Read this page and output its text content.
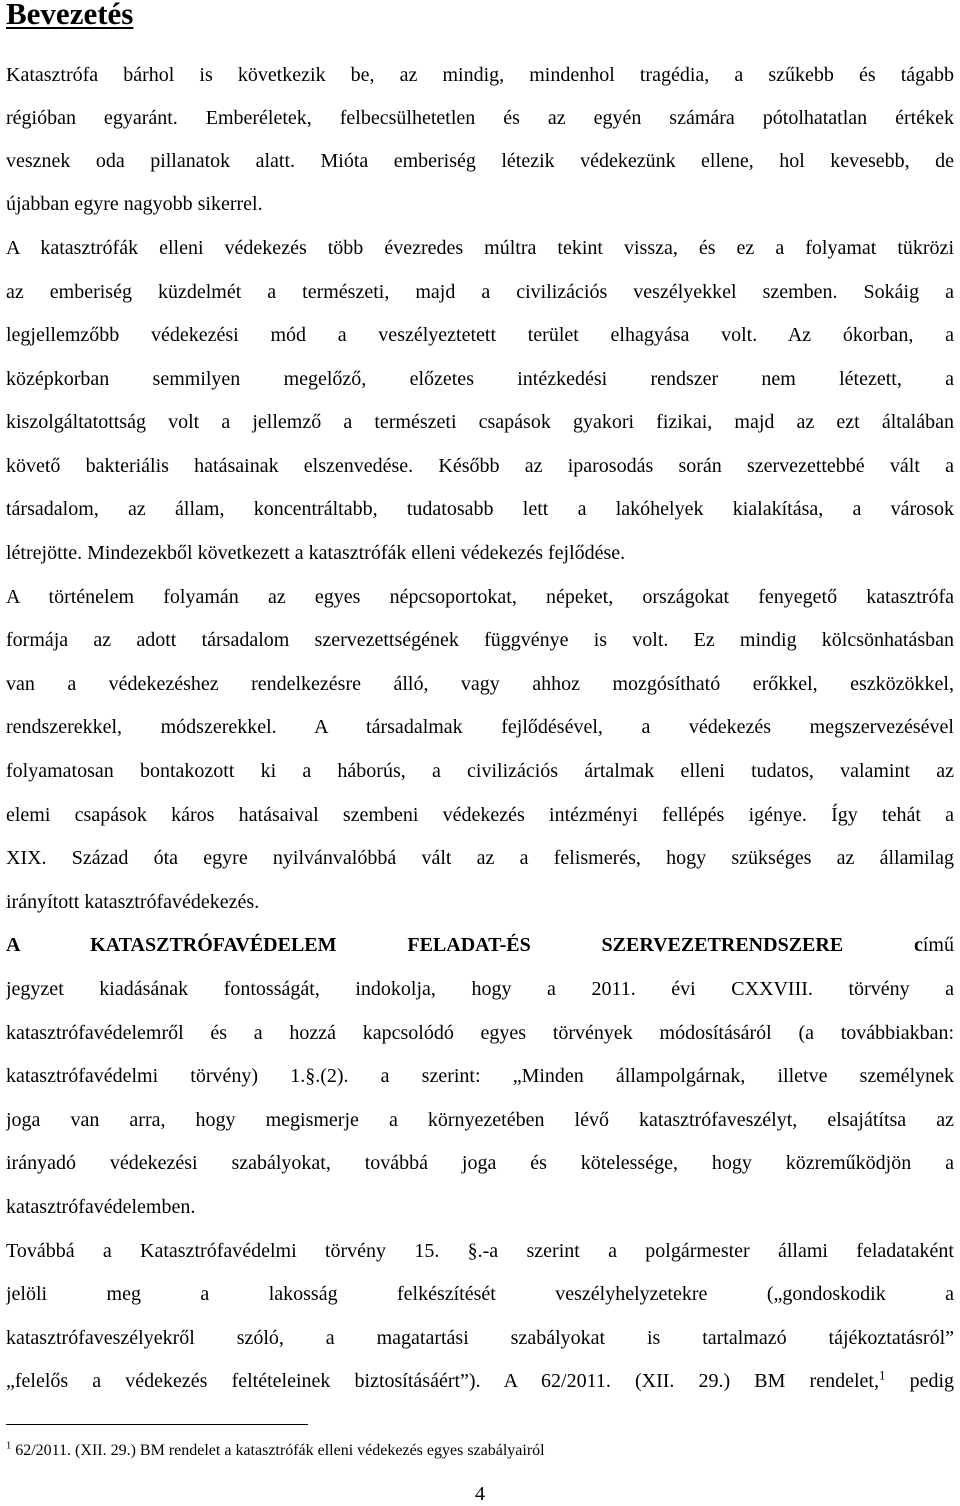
Bevezetés
Katasztrófa bárhol is következik be, az mindig, mindenhol tragédia, a szűkebb és tágabb
régióban egyaránt. Emberéletek, felbecsülhetetlen és az egyén számára pótolhatatlan értékek
vesznek oda pillanatok alatt. Mióta emberiség létezik védekezünk ellene, hol kevesebb, de
újabban egyre nagyobb sikerrel.
A katasztrófák elleni védekezés több évezredes múltra tekint vissza, és ez a folyamat tükrözi
az emberiség küzdelmét a természeti, majd a civilizációs veszélyekkel szemben. Sokáig a
legjellemzőbb védekezési mód a veszélyeztetett terület elhagyása volt. Az ókorban, a
középkorban semmilyen megelőző, előzetes intézkedési rendszer nem létezett, a
kiszolgáltatottság volt a jellemző a természeti csapások gyakori fizikai, majd az ezt általában
követő bakteriális hatásainak elszenvedése. Később az iparosodás során szervezettebbé vált a
társadalom, az állam, koncentráltabb, tudatosabb lett a lakóhelyek kialakítása, a városok
létrejötte. Mindezekből következett a katasztrófák elleni védekezés fejlődése.
A történelem folyamán az egyes népcsoportokat, népeket, országokat fenyegető katasztrófa
formája az adott társadalom szervezettségének függvénye is volt. Ez mindig kölcsönhatásban
van a védekezéshez rendelkezésre álló, vagy ahhoz mozgósítható erőkkel, eszközökkel,
rendszerekkel, módszerekkel. A társadalmak fejlődésével, a védekezés megszervezésével
folyamatosan bontakozott ki a háborús, a civilizációs ártalmak elleni tudatos, valamint az
elemi csapások káros hatásaival szembeni védekezés intézményi fellépés igénye. Így tehát a
XIX. Század óta egyre nyilvánvalóbbá vált az a felismerés, hogy szükséges az államilag
irányított katasztrófavédekezés.
A KATASZTRÓFAVÉDELEM FELADAT-ÉS SZERVEZETRENDSZERE című
jegyzet kiadásának fontosságát, indokolja, hogy a 2011. évi CXXVIII. törvény a
katasztrófavédelemről és a hozzá kapcsolódó egyes törvények módosításáról (a továbbiakban:
katasztrófavédelmi törvény) 1.§.(2). a szerint: „Minden állampolgárnak, illetve személynek
joga van arra, hogy megismerje a környezetében lévő katasztrófaveszélyt, elsajátítsa az
irányadó védekezési szabályokat, továbbá joga és kötelessége, hogy közreműködjön a
katasztrófavédelemben.
Továbbá a Katasztrófavédelmi törvény 15. §.-a szerint a polgármester állami feladataként
jelöli meg a lakosság felkészítését veszélyhelyzetekre („gondoskodik a
katasztrófaveszélyekről szóló, a magatartási szabályokat is tartalmazó tájékoztatásról”
„felelős a védekezés feltételeinek biztosításáért”). A 62/2011. (XII. 29.) BM rendelet,$^1$ pedig
$^1$ 62/2011. (XII. 29.) BM rendelet a katasztrófák elleni védekezés egyes szabályairól
4
